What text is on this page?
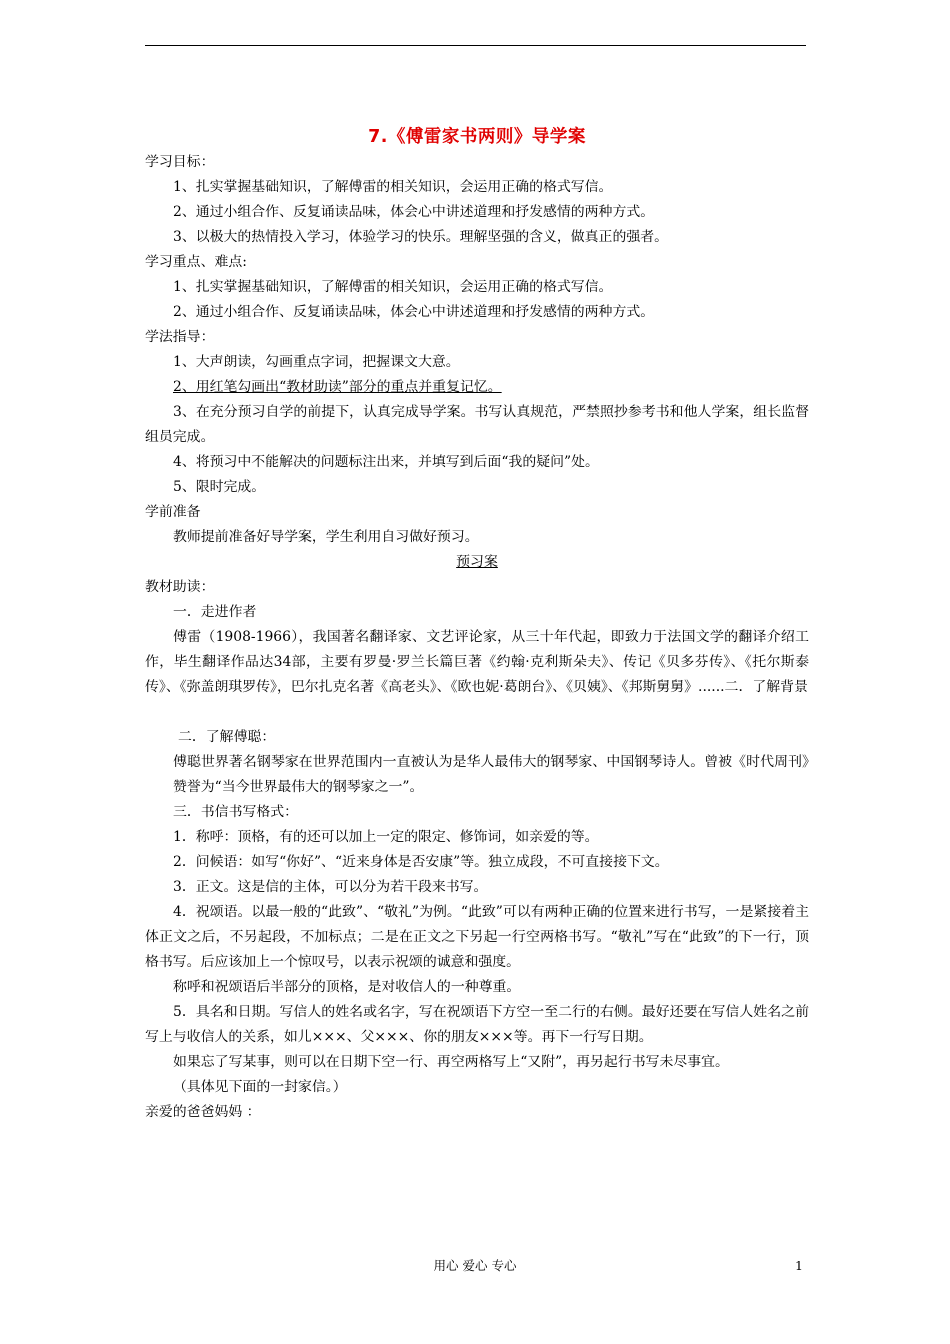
7.《傅雷家书两则》导学案
学习目标：
1、扎实掌握基础知识，了解傅雷的相关知识，会运用正确的格式写信。
2、通过小组合作、反复诵读品味，体会心中讲述道理和抒发感情的两种方式。
3、以极大的热情投入学习，体验学习的快乐。理解坚强的含义，做真正的强者。
学习重点、难点:
1、扎实掌握基础知识，了解傅雷的相关知识，会运用正确的格式写信。
2、通过小组合作、反复诵读品味，体会心中讲述道理和抒发感情的两种方式。
学法指导：
1、大声朗读，勾画重点字词，把握课文大意。
2、用红笔勾画出“教材助读”部分的重点并重复记忆。
3、在充分预习自学的前提下，认真完成导学案。书写认真规范，严禁照抄参考书和他人学案，组长监督组员完成。
4、将预习中不能解决的问题标注出来，并填写到后面“我的疑问”处。
5、限时完成。
学前准备
教师提前准备好导学案，学生利用自习做好预习。
预习案
教材助读：
一．走进作者
傅雷（1908-1966），我国著名翻译家、文艺评论家，从三十年代起，即致力于法国文学的翻译介绍工作，毕生翻译作品达34部，主要有罗曼·罗兰长篇巨著《约翰·克利斯朵夫》、传记《贝多芬传》、《托尔斯泰传》、《弥盖朗琪罗传》，巴尔扎克名著《高老头》、《欧也妮·葛朗台》、《贝姨》、《邦斯舅舅》......二．了解背景
二．了解傅聪：
傅聪世界著名钢琴家在世界范围内一直被认为是华人最伟大的钢琴家、中国钢琴诗人。曾被《时代周刊》赞誉为“当今世界最伟大的钢琴家之一”。
三．书信书写格式：
1．称呼：顶格，有的还可以加上一定的限定、修饰词，如亲爱的等。
2．问候语：如写“你好”、“近来身体是否安康”等。独立成段，不可直接接下文。
3．正文。这是信的主体，可以分为若干段来书写。
4．祝颂语。以最一般的“此致”、“敬礼”为例。“此致”可以有两种正确的位置来进行书写，一是紧接着主体正文之后，不另起段，不加标点；二是在正文之下另起一行空两格书写。“敬礼”写在“此致”的下一行，顶格书写。后应该加上一个惊叹号，以表示祝颂的诚意和强度。
称呼和祝颂语后半部分的顶格，是对收信人的一种尊重。
5．具名和日期。写信人的姓名或名字，写在祝颂语下方空一至二行的右侧。最好还要在写信人姓名之前写上与收信人的关系，如儿×××、父×××、你的朋友×××等。再下一行写日期。
如果忘了写某事，则可以在日期下空一行、再空两格写上“又附”，再另起行书写未尽事宜。
（具体见下面的一封家信。）
亲爱的爸爸妈妈 ：
用心 爱心 专心	1
